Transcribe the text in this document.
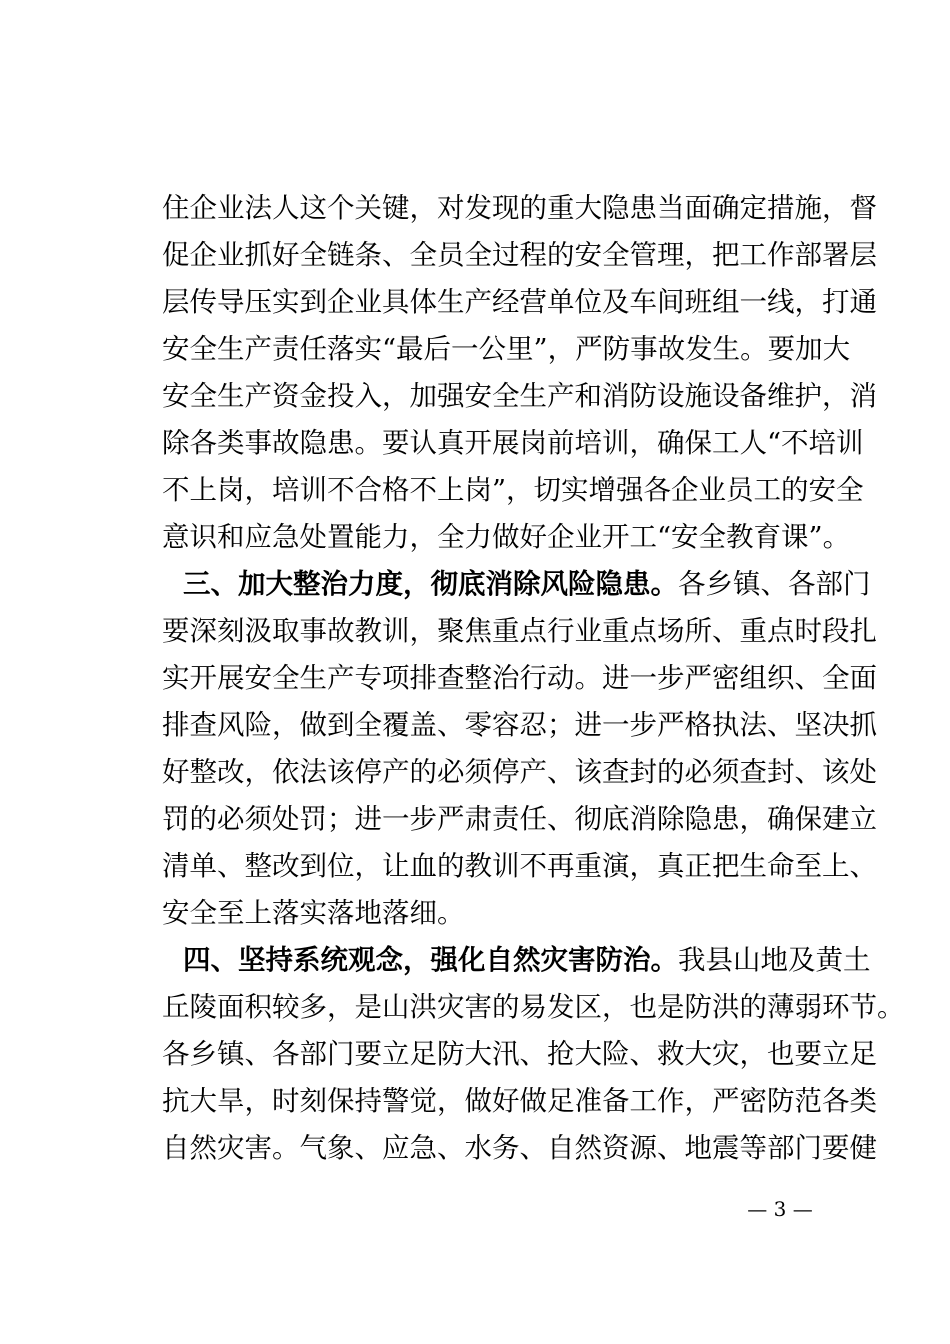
住企业法人这个关键，对发现的重大隐患当面确定措施，督
促企业抓好全链条、全员全过程的安全管理，把工作部署层
层传导压实到企业具体生产经营单位及车间班组一线，打通
安全生产责任落实“最后一公里”，严防事故发生。要加大
安全生产资金投入，加强安全生产和消防设施设备维护，消
除各类事故隐患。要认真开展岗前培训，确保工人“不培训
不上岗，培训不合格不上岗”，切实增强各企业员工的安全
意识和应急处置能力，全力做好企业开工“安全教育课”。
三、加大整治力度，彻底消除风险隐患。各乡镇、各部门
要深刻汲取事故教训，聚焦重点行业重点场所、重点时段扎
实开展安全生产专项排查整治行动。进一步严密组织、全面
排查风险，做到全覆盖、零容忍；进一步严格执法、坚决抓
好整改，依法该停产的必须停产、该查封的必须查封、该处
罚的必须处罚；进一步严肃责任、彻底消除隐患，确保建立
清单、整改到位，让血的教训不再重演，真正把生命至上、
安全至上落实落地落细。
四、坚持系统观念，强化自然灾害防治。我县山地及黄土
丘陵面积较多，是山洪灾害的易发区，也是防洪的薄弱环节。
各乡镇、各部门要立足防大汛、抢大险、救大灾，也要立足
抗大旱，时刻保持警觉，做好做足准备工作，严密防范各类
自然灾害。气象、应急、水务、自然资源、地震等部门要健
— 3 —
